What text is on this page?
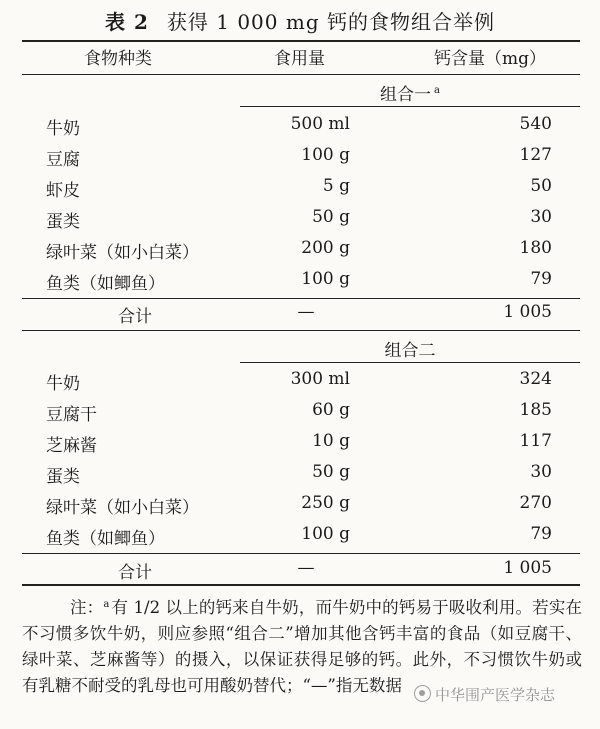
表 2 获得 1 000 mg 钙的食物组合举例
食物种类	食用量	钙含量（mg）
组合一 $^a$
牛奶	500 ml	540
豆腐	100 g	127
虾皮	5 g	50
蛋类	50 g	30
绿叶菜（如小白菜）	200 g	180
鱼类（如鲫鱼）	100 g	79
合计	—	1 005
组合二
牛奶	300 ml	324
豆腐干	60 g	185
芝麻酱	10 g	117
蛋类	50 g	30
绿叶菜（如小白菜）	250 g	270
鱼类（如鲫鱼）	100 g	79
合计	—	1 005
注：$^a$ 有 1/2 以上的钙来自牛奶，而牛奶中的钙易于吸收利用。若实在不习惯多饮牛奶，则应参照“组合二”增加其他含钙丰富的食品（如豆腐干、绿叶菜、芝麻酱等）的摄入，以保证获得足够的钙。此外，不习惯饮牛奶或有乳糖不耐受的乳母也可用酸奶替代；“—”指无数据	中华围产医学杂志
